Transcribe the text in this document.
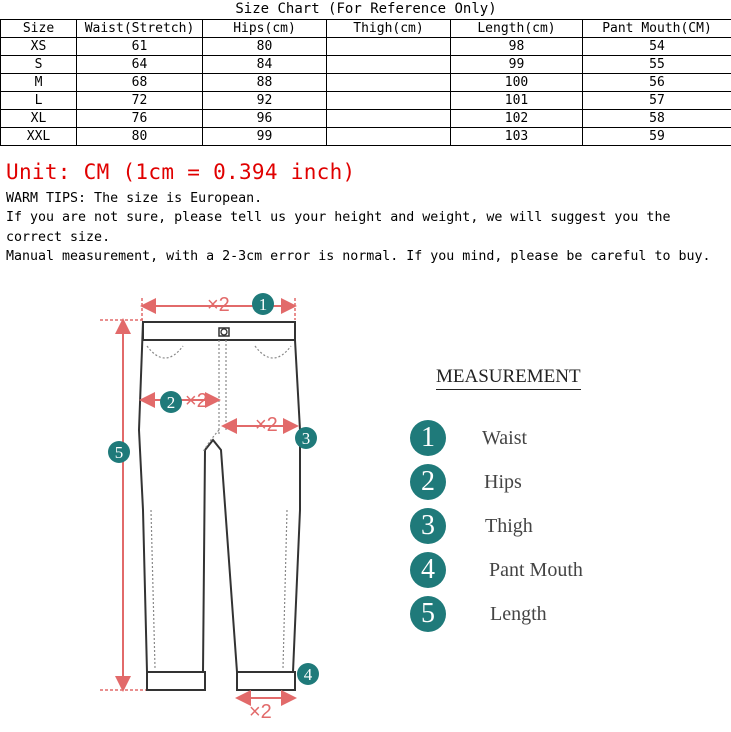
Size Chart (For Reference Only)
Size	Waist(Stretch)	Hips(cm)	Thigh(cm)	Length(cm)	Pant Mouth(CM)
XS	61	80		98	54
S	64	84		99	55
M	68	88		100	56
L	72	92		101	57
XL	76	96		102	58
XXL	80	99		103	59
Unit: CM (1cm = 0.394 inch)

WARM TIPS: The size is European.

If you are not sure, please tell us your height and weight, we will suggest you the correct size.

Manual measurement, with a 2-3cm error is normal. If you mind, please be careful to buy.

×2
×2
×2
×2
1
2
3
4
5
MEASUREMENT
1	Waist
2	Hips
3	Thigh
4	Pant Mouth
5	Length
